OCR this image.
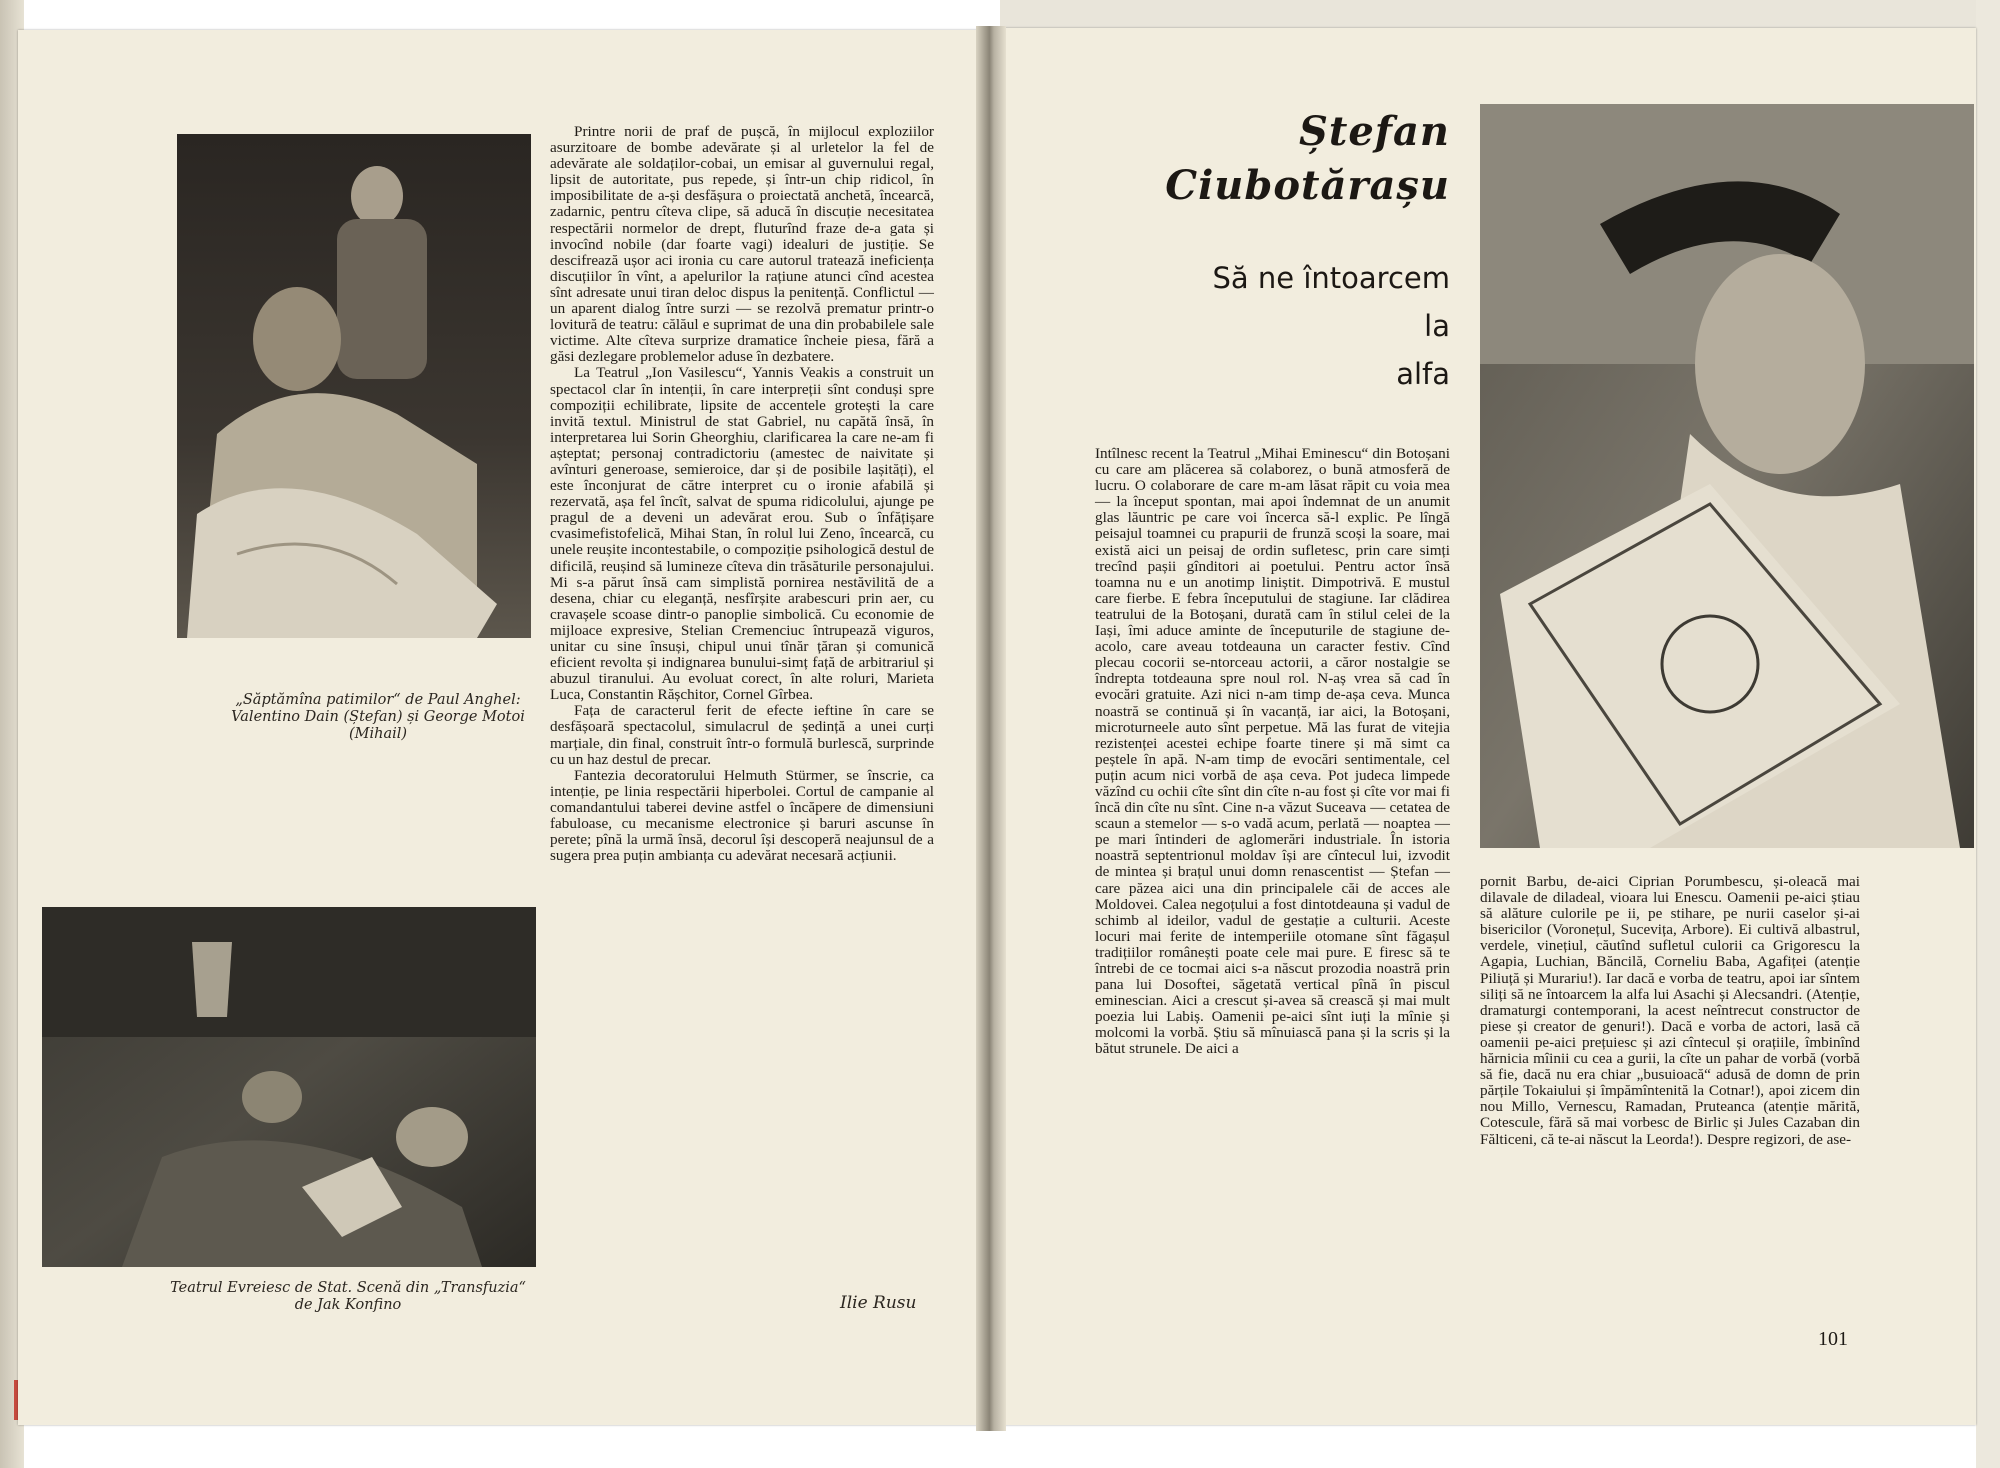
„Săptămîna patimilor“ de Paul Anghel: Valentino Dain (Ștefan) și George Motoi (Mihail)
Teatrul Evreiesc de Stat. Scenă din „Transfuzia“ de Jak Konfino

Printre norii de praf de pușcă, în mijlocul exploziilor asurzitoare de bombe adevărate și al urletelor la fel de adevărate ale soldaților-cobai, un emisar al guvernului regal, lipsit de autoritate, pus repede, și într-un chip ridicol, în imposibilitate de a-și desfășura o proiectată anchetă, încearcă, zadarnic, pentru cîteva clipe, să aducă în discuție necesitatea respectării normelor de drept, fluturînd fraze de-a gata și invocînd nobile (dar foarte vagi) idealuri de justiție. Se descifrează ușor aci ironia cu care autorul tratează ineficiența discuțiilor în vînt, a apelurilor la rațiune atunci cînd acestea sînt adresate unui tiran deloc dispus la penitență. Conflictul — un aparent dialog între surzi — se rezolvă prematur printr-o lovitură de teatru: călăul e suprimat de una din probabilele sale victime. Alte cîteva surprize dramatice încheie piesa, fără a găsi dezlegare problemelor aduse în dezbatere.

La Teatrul „Ion Vasilescu“, Yannis Veakis a construit un spectacol clar în intenții, în care interpreții sînt conduși spre compoziții echilibrate, lipsite de accentele grotești la care invită textul. Ministrul de stat Gabriel, nu capătă însă, în interpretarea lui Sorin Gheorghiu, clarificarea la care ne-am fi așteptat; personaj contradictoriu (amestec de naivitate și avînturi generoase, semieroice, dar și de posibile lașități), el este înconjurat de către interpret cu o ironie afabilă și rezervată, așa fel încît, salvat de spuma ridicolului, ajunge pe pragul de a deveni un adevărat erou. Sub o înfățișare cvasimefistofelică, Mihai Stan, în rolul lui Zeno, încearcă, cu unele reușite incontestabile, o compoziție psihologică destul de dificilă, reușind să lumineze cîteva din trăsăturile personajului. Mi s-a părut însă cam simplistă pornirea nestăvilită de a desena, chiar cu eleganță, nesfîrșite arabescuri prin aer, cu cravașele scoase dintr-o panoplie simbolică. Cu economie de mijloace expresive, Stelian Cremenciuc întrupează viguros, unitar cu sine însuși, chipul unui tînăr țăran și comunică eficient revolta și indignarea bunului-simț față de arbitrariul și abuzul tiranului. Au evoluat corect, în alte roluri, Marieta Luca, Constantin Rășchitor, Cornel Gîrbea.

Fața de caracterul ferit de efecte ieftine în care se desfășoară spectacolul, simulacrul de ședință a unei curți marțiale, din final, construit într-o formulă burlescă, surprinde cu un haz destul de precar.

Fantezia decoratorului Helmuth Stürmer, se înscrie, ca intenție, pe linia respectării hiperbolei. Cortul de campanie al comandantului taberei devine astfel o încăpere de dimensiuni fabuloase, cu mecanisme electronice și baruri ascunse în perete; pînă la urmă însă, decorul își descoperă neajunsul de a sugera prea puțin ambianța cu adevărat necesară acțiunii.

Ilie Rusu
Ștefan
Ciubotărașu
Să ne întoarcem
la
alfa
Intîlnesc recent la Teatrul „Mihai Eminescu“ din Botoșani cu care am plăcerea să colaborez, o bună atmosferă de lucru. O colaborare de care m-am lăsat răpit cu voia mea — la început spontan, mai apoi îndemnat de un anumit glas lăuntric pe care voi încerca să-l explic. Pe lîngă peisajul toamnei cu prapurii de frunză scoși la soare, mai există aici un peisaj de ordin sufletesc, prin care simți trecînd pașii gînditori ai poetului. Pentru actor însă toamna nu e un anotimp liniștit. Dimpotrivă. E mustul care fierbe. E febra începutului de stagiune. Iar clădirea teatrului de la Botoșani, durată cam în stilul celei de la Iași, îmi aduce aminte de începuturile de stagiune de-acolo, care aveau totdeauna un caracter festiv. Cînd plecau cocorii se-ntorceau actorii, a căror nostalgie se îndrepta totdeauna spre noul rol. N-aș vrea să cad în evocări gratuite. Azi nici n-am timp de-așa ceva. Munca noastră se continuă și în vacanță, iar aici, la Botoșani, microturneele auto sînt perpetue. Mă las furat de vitejia rezistenței acestei echipe foarte tinere și mă simt ca peștele în apă. N-am timp de evocări sentimentale, cel puțin acum nici vorbă de așa ceva. Pot judeca limpede văzînd cu ochii cîte sînt din cîte n-au fost și cîte vor mai fi încă din cîte nu sînt. Cine n-a văzut Suceava — cetatea de scaun a stemelor — s-o vadă acum, perlată — noaptea — pe mari întinderi de aglomerări industriale. În istoria noastră septentrionul moldav își are cîntecul lui, izvodit de mintea și brațul unui domn renascentist — Ștefan — care păzea aici una din principalele căi de acces ale Moldovei. Calea negoțului a fost dintotdeauna și vadul de schimb al ideilor, vadul de gestație a culturii. Aceste locuri mai ferite de intemperiile otomane sînt făgașul tradițiilor românești poate cele mai pure. E firesc să te întrebi de ce tocmai aici s-a născut prozodia noastră prin pana lui Dosoftei, săgetată vertical pînă în piscul eminescian. Aici a crescut și-avea să crească și mai mult poezia lui Labiș. Oamenii pe-aici sînt iuți la mînie și molcomi la vorbă. Știu să mînuiască pana și la scris și la bătut strunele. De aici a
pornit Barbu, de-aici Ciprian Porumbescu, și-oleacă mai dilavale de diladeal, vioara lui Enescu. Oamenii pe-aici știau să alăture culorile pe ii, pe stihare, pe nurii caselor și-ai bisericilor (Voronețul, Sucevița, Arbore). Ei cultivă albastrul, verdele, vinețiul, căutînd sufletul culorii ca Grigorescu la Agapia, Luchian, Băncilă, Corneliu Baba, Agafiței (atenție Piliuță și Murariu!). Iar dacă e vorba de teatru, apoi iar sîntem siliți să ne întoarcem la alfa lui Asachi și Alecsandri. (Atenție, dramaturgi contemporani, la acest neîntrecut constructor de piese și creator de genuri!). Dacă e vorba de actori, lasă că oamenii pe-aici prețuiesc și azi cîntecul și orațiile, îmbinînd hărnicia mîinii cu cea a gurii, la cîte un pahar de vorbă (vorbă să fie, dacă nu era chiar „busuioacă“ adusă de domn de prin părțile Tokaiului și împămîntenită la Cotnar!), apoi zicem din nou Millo, Vernescu, Ramadan, Pruteanca (atenție mărită, Cotescule, fără să mai vorbesc de Birlic și Jules Cazaban din Fălticeni, că te-ai născut la Leorda!). Despre regizori, de ase-
101
